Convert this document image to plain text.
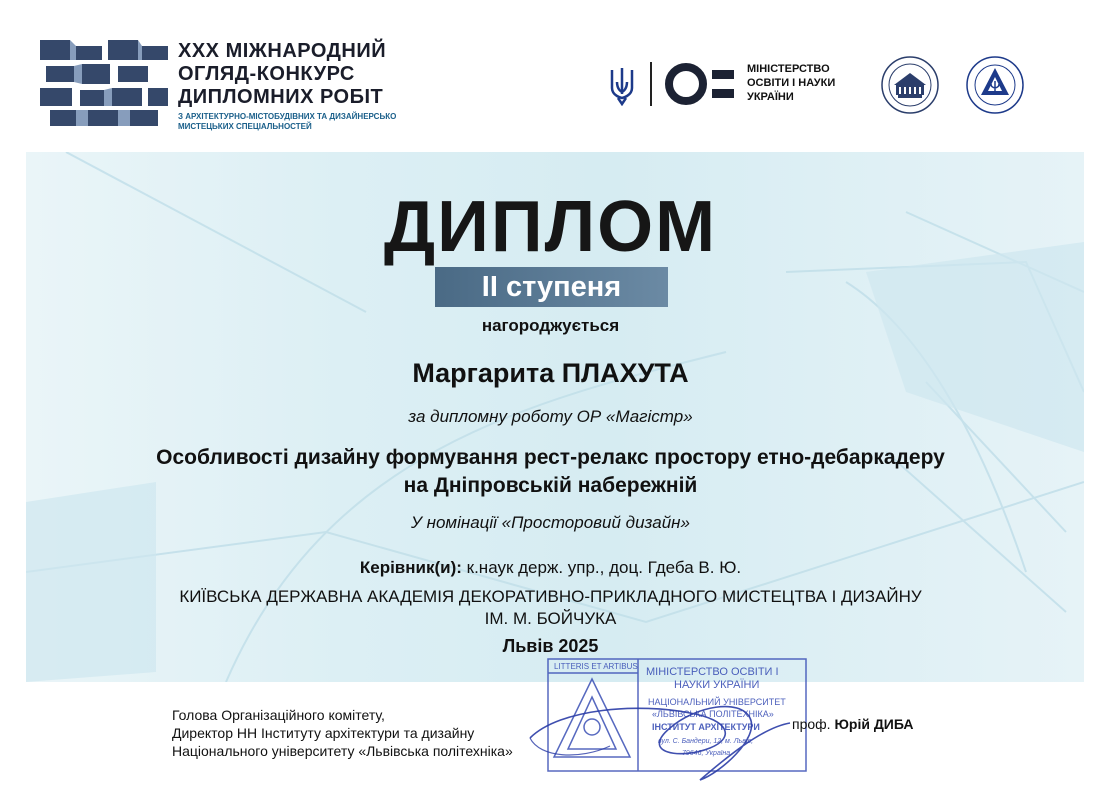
XXX МІЖНАРОДНИЙ
ОГЛЯД-КОНКУРС
ДИПЛОМНИХ РОБІТ
З АРХІТЕКТУРНО-МІСТОБУДІВНИХ ТА ДИЗАЙНЕРСЬКО МИСТЕЦЬКИХ СПЕЦІАЛЬНОСТЕЙ
МІНІСТЕРСТВО
ОСВІТИ І НАУКИ
УКРАЇНИ
ДИПЛОМ
II ступеня
нагороджується
Маргарита ПЛАХУТА
за дипломну роботу ОР «Магістр»
Особливості дизайну формування рест-релакс простору етно-дебаркадеру
на Дніпровській набережній
У номінації «Просторовий дизайн»
Керівник(и): к.наук держ. упр., доц. Гдеба В. Ю.
КИЇВСЬКА ДЕРЖАВНА АКАДЕМІЯ ДЕКОРАТИВНО-ПРИКЛАДНОГО МИСТЕЦТВА І ДИЗАЙНУ
ІМ. М. БОЙЧУКА
Львів 2025
Голова Організаційного комітету,
Директор НН Інституту архітектури та дизайну
Національного університету «Львівська політехніка»
LITTERIS ET ARTIBUS МІНІСТЕРСТВО ОСВІТИ І
НАУКИ УКРАЇНИ
НАЦІОНАЛЬНИЙ УНІВЕРСИТЕТ
«ЛЬВІВСЬКА ПОЛІТЕХНІКА»
ІНСТИТУТ АРХІТЕКТУРИ
вул. С. Бандери, 12, м. Львів,
79646, Україна
проф. Юрій ДИБА
